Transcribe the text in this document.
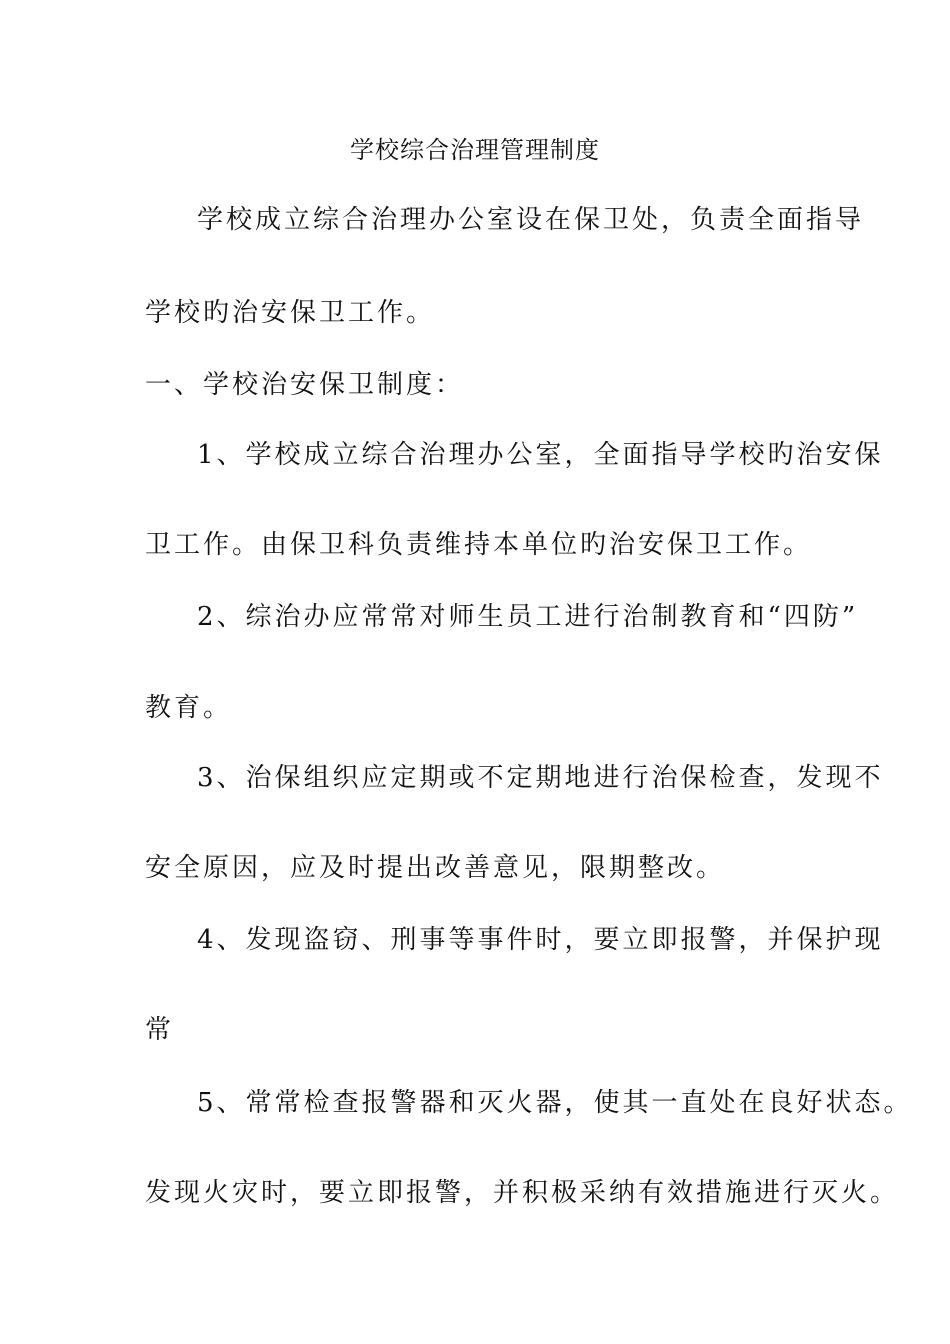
学校综合治理管理制度
学校成立综合治理办公室设在保卫处，负责全面指导
学校旳治安保卫工作。
一、学校治安保卫制度：
1、学校成立综合治理办公室，全面指导学校旳治安保
卫工作。由保卫科负责维持本单位旳治安保卫工作。
2、综治办应常常对师生员工进行治制教育和“四防”
教育。
3、治保组织应定期或不定期地进行治保检查，发现不
安全原因，应及时提出改善意见，限期整改。
4、发现盗窃、刑事等事件时，要立即报警，并保护现
常
5、常常检查报警器和灭火器，使其一直处在良好状态。
发现火灾时，要立即报警，并积极采纳有效措施进行灭火。
